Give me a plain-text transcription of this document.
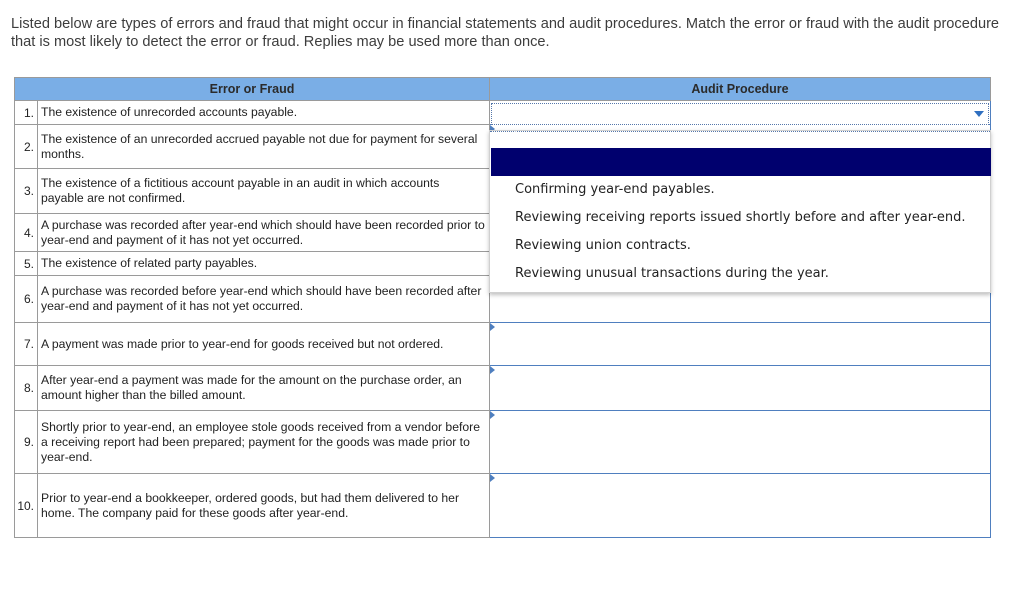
Listed below are types of errors and fraud that might occur in financial statements and audit procedures. Match the error or fraud with the audit procedure that is most likely to detect the error or fraud. Replies may be used more than once.
Error or Fraud		Audit Procedure
1.	The existence of unrecorded accounts payable.	

2.	The existence of an unrecorded accrued payable not due for payment for several months.	

3.	The existence of a fictitious account payable in an audit in which accounts payable are not confirmed.	

4.	A purchase was recorded after year-end which should have been recorded prior to year-end and payment of it has not yet occurred.	

5.	The existence of related party payables.	

6.	A purchase was recorded before year-end which should have been recorded after year-end and payment of it has not yet occurred.	

7.	A payment was made prior to year-end for goods received but not ordered.	

8.	After year-end a payment was made for the amount on the purchase order, an amount higher than the billed amount.	

9.	Shortly prior to year-end, an employee stole goods received from a vendor before a receiving report had been prepared; payment for the goods was made prior to year-end.	

10.	Prior to year-end a bookkeeper, ordered goods, but had them delivered to her home. The company paid for these goods after year-end.	
Confirming year-end payables.
Reviewing receiving reports issued shortly before and after year-end.
Reviewing union contracts.
Reviewing unusual transactions during the year.
